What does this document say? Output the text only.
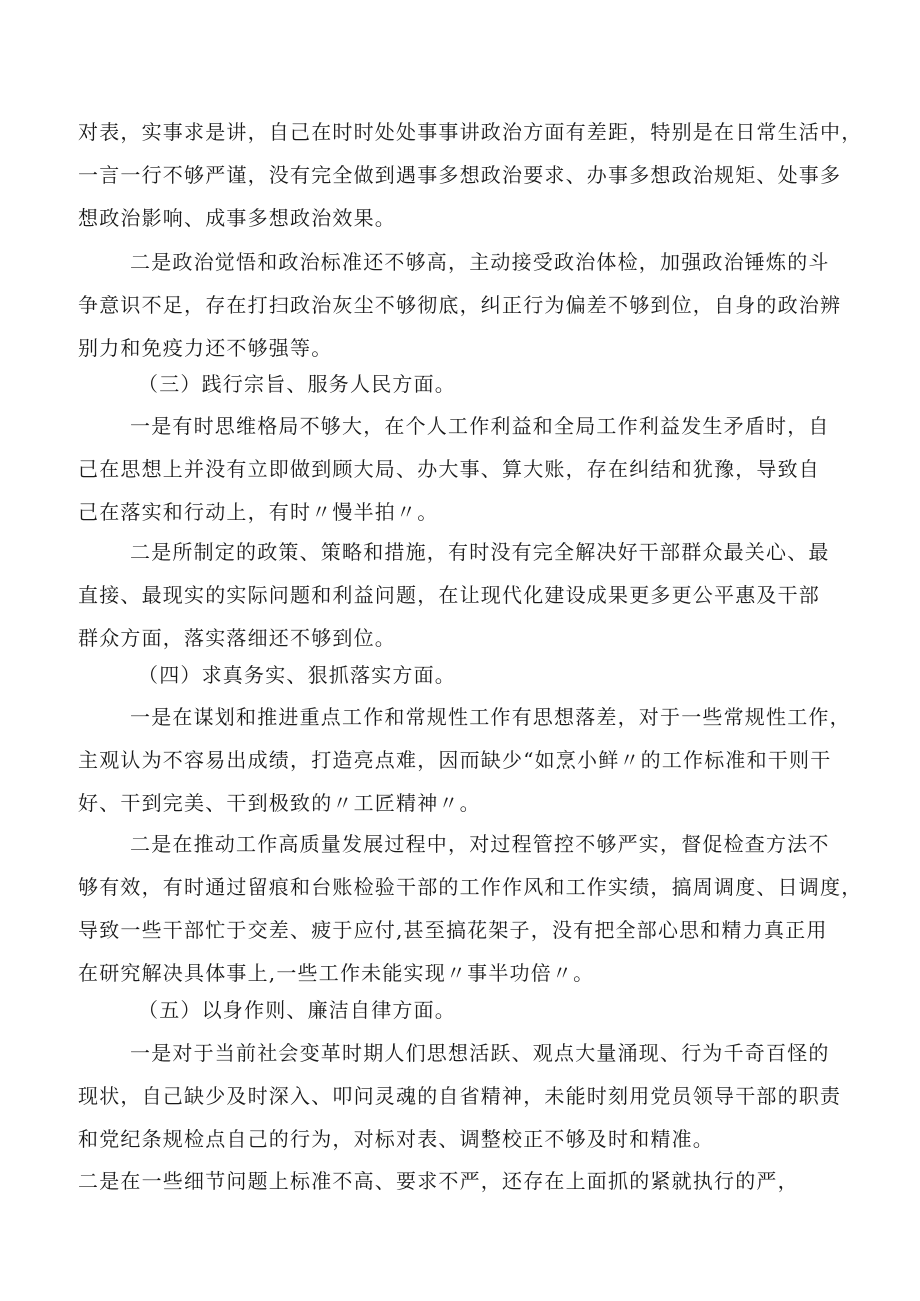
对表，实事求是讲，自己在时时处处事事讲政治方面有差距，特别是在日常生活中，
一言一行不够严谨，没有完全做到遇事多想政治要求、办事多想政治规矩、处事多
想政治影响、成事多想政治效果。
二是政治觉悟和政治标准还不够高，主动接受政治体检，加强政治锤炼的斗
争意识不足，存在打扫政治灰尘不够彻底，纠正行为偏差不够到位，自身的政治辨
别力和免疫力还不够强等。
（三）践行宗旨、服务人民方面。
一是有时思维格局不够大，在个人工作利益和全局工作利益发生矛盾时，自
己在思想上并没有立即做到顾大局、办大事、算大账，存在纠结和犹豫，导致自
己在落实和行动上，有时〃慢半拍〃。
二是所制定的政策、策略和措施，有时没有完全解决好干部群众最关心、最
直接、最现实的实际问题和利益问题，在让现代化建设成果更多更公平惠及干部
群众方面，落实落细还不够到位。
（四）求真务实、狠抓落实方面。
一是在谋划和推进重点工作和常规性工作有思想落差，对于一些常规性工作，
主观认为不容易出成绩，打造亮点难，因而缺少“如烹小鲜〃的工作标准和干则干
好、干到完美、干到极致的〃工匠精神〃。
二是在推动工作高质量发展过程中，对过程管控不够严实，督促检查方法不
够有效，有时通过留痕和台账检验干部的工作作风和工作实绩，搞周调度、日调度，
导致一些干部忙于交差、疲于应付,甚至搞花架子，没有把全部心思和精力真正用
在研究解决具体事上,一些工作未能实现〃事半功倍〃。
（五）以身作则、廉洁自律方面。
一是对于当前社会变革时期人们思想活跃、观点大量涌现、行为千奇百怪的
现状，自己缺少及时深入、叩问灵魂的自省精神，未能时刻用党员领导干部的职责
和党纪条规检点自己的行为，对标对表、调整校正不够及时和精准。
二是在一些细节问题上标准不高、要求不严，还存在上面抓的紧就执行的严，
